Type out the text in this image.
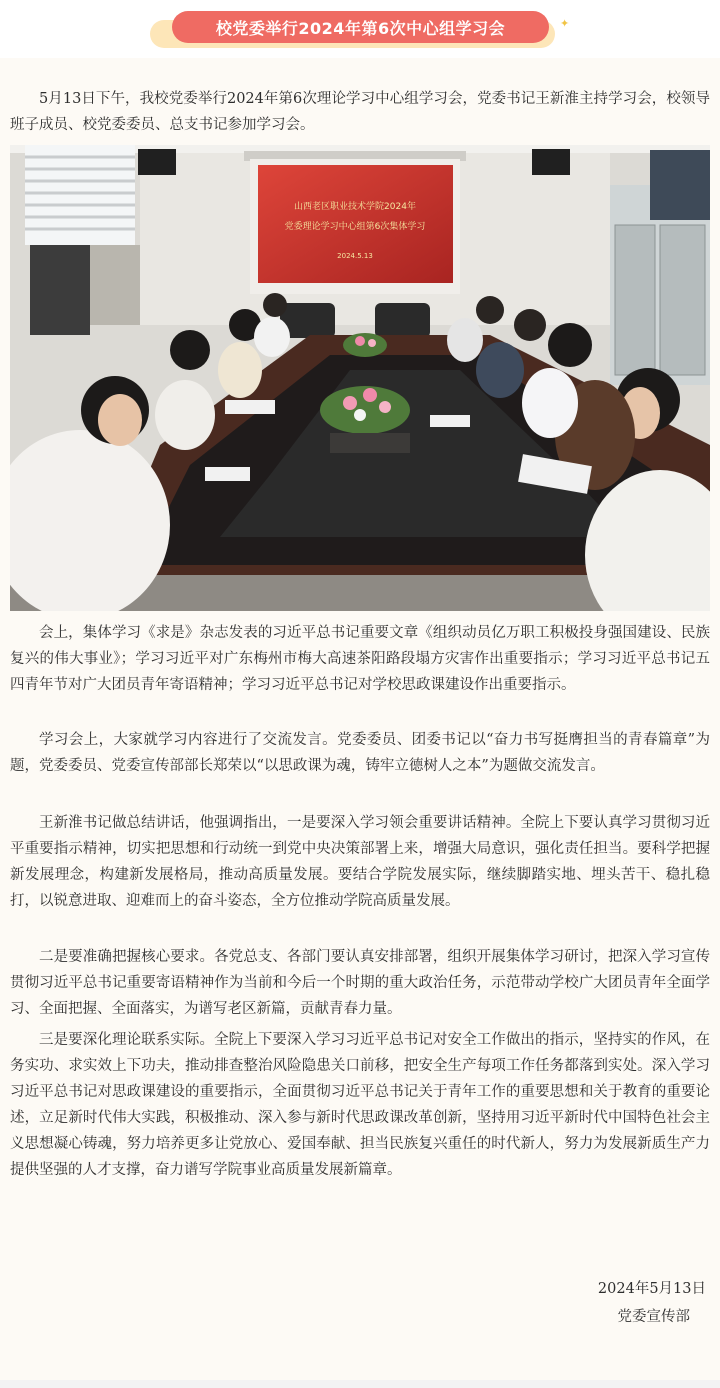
校党委举行2024年第6次中心组学习会	✦

5月13日下午，我校党委举行2024年第6次理论学习中心组学习会，党委书记王新淮主持学习会，校领导班子成员、校党委委员、总支书记参加学习会。

山西老区职业技术学院2024年
党委理论学习中心组第6次集体学习
2024.5.13

会上，集体学习《求是》杂志发表的习近平总书记重要文章《组织动员亿万职工积极投身强国建设、民族复兴的伟大事业》；学习习近平对广东梅州市梅大高速茶阳路段塌方灾害作出重要指示；学习习近平总书记五四青年节对广大团员青年寄语精神；学习习近平总书记对学校思政课建设作出重要指示。

学习会上，大家就学习内容进行了交流发言。党委委员、团委书记以“奋力书写挺膺担当的青春篇章”为题，党委委员、党委宣传部部长郑荣以“以思政课为魂，铸牢立德树人之本”为题做交流发言。

王新淮书记做总结讲话，他强调指出，一是要深入学习领会重要讲话精神。全院上下要认真学习贯彻习近平重要指示精神，切实把思想和行动统一到党中央决策部署上来，增强大局意识，强化责任担当。要科学把握新发展理念，构建新发展格局，推动高质量发展。要结合学院发展实际，继续脚踏实地、埋头苦干、稳扎稳打，以锐意进取、迎难而上的奋斗姿态，全方位推动学院高质量发展。

二是要准确把握核心要求。各党总支、各部门要认真安排部署，组织开展集体学习研讨，把深入学习宣传贯彻习近平总书记重要寄语精神作为当前和今后一个时期的重大政治任务，示范带动学校广大团员青年全面学习、全面把握、全面落实，为谱写老区新篇，贡献青春力量。

三是要深化理论联系实际。全院上下要深入学习习近平总书记对安全工作做出的指示，坚持实的作风，在务实功、求实效上下功夫，推动排查整治风险隐患关口前移，把安全生产每项工作任务都落到实处。深入学习习近平总书记对思政课建设的重要指示，全面贯彻习近平总书记关于青年工作的重要思想和关于教育的重要论述，立足新时代伟大实践，积极推动、深入参与新时代思政课改革创新，坚持用习近平新时代中国特色社会主义思想凝心铸魂，努力培养更多让党放心、爱国奉献、担当民族复兴重任的时代新人，努力为发展新质生产力提供坚强的人才支撑，奋力谱写学院事业高质量发展新篇章。

2024年5月13日
党委宣传部
